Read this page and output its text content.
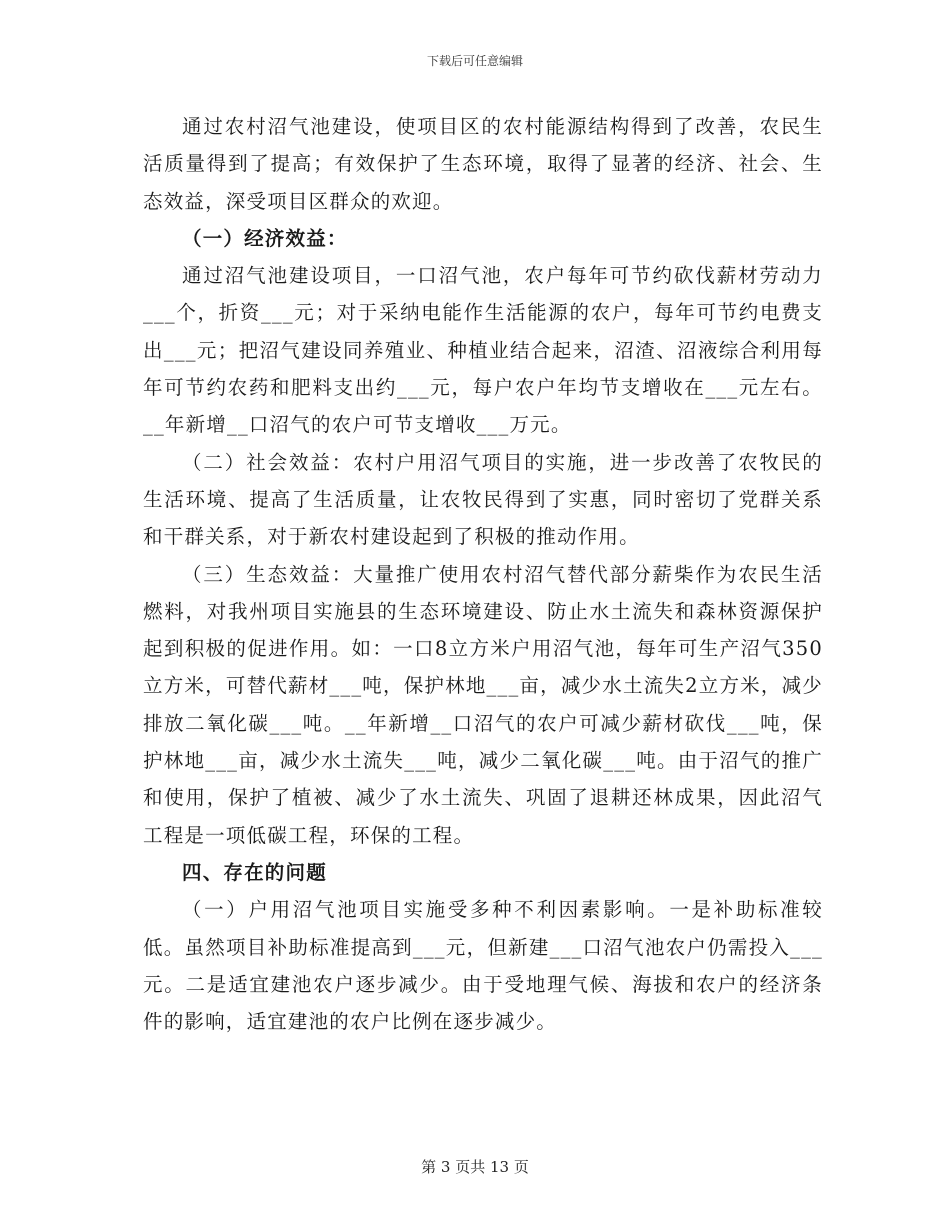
下载后可任意编辑

通过农村沼气池建设，使项目区的农村能源结构得到了改善，农民生活质量得到了提高；有效保护了生态环境，取得了显著的经济、社会、生态效益，深受项目区群众的欢迎。

（一）经济效益：

通过沼气池建设项目，一口沼气池，农户每年可节约砍伐薪材劳动力___个，折资___元；对于采纳电能作生活能源的农户，每年可节约电费支出___元；把沼气建设同养殖业、种植业结合起来，沼渣、沼液综合利用每年可节约农药和肥料支出约___元，每户农户年均节支增收在___元左右。__年新增__口沼气的农户可节支增收___万元。

（二）社会效益：农村户用沼气项目的实施，进一步改善了农牧民的生活环境、提高了生活质量，让农牧民得到了实惠，同时密切了党群关系和干群关系，对于新农村建设起到了积极的推动作用。

（三）生态效益：大量推广使用农村沼气替代部分薪柴作为农民生活燃料，对我州项目实施县的生态环境建设、防止水土流失和森林资源保护起到积极的促进作用。如：一口8立方米户用沼气池，每年可生产沼气350立方米，可替代薪材___吨，保护林地___亩，减少水土流失2立方米，减少排放二氧化碳___吨。__年新增__口沼气的农户可减少薪材砍伐___吨，保护林地___亩，减少水土流失___吨，减少二氧化碳___吨。由于沼气的推广和使用，保护了植被、减少了水土流失、巩固了退耕还林成果，因此沼气工程是一项低碳工程，环保的工程。

四、存在的问题

（一）户用沼气池项目实施受多种不利因素影响。一是补助标准较低。虽然项目补助标准提高到___元，但新建___口沼气池农户仍需投入___元。二是适宜建池农户逐步减少。由于受地理气候、海拔和农户的经济条件的影响，适宜建池的农户比例在逐步减少。

第 3 页共 13 页
